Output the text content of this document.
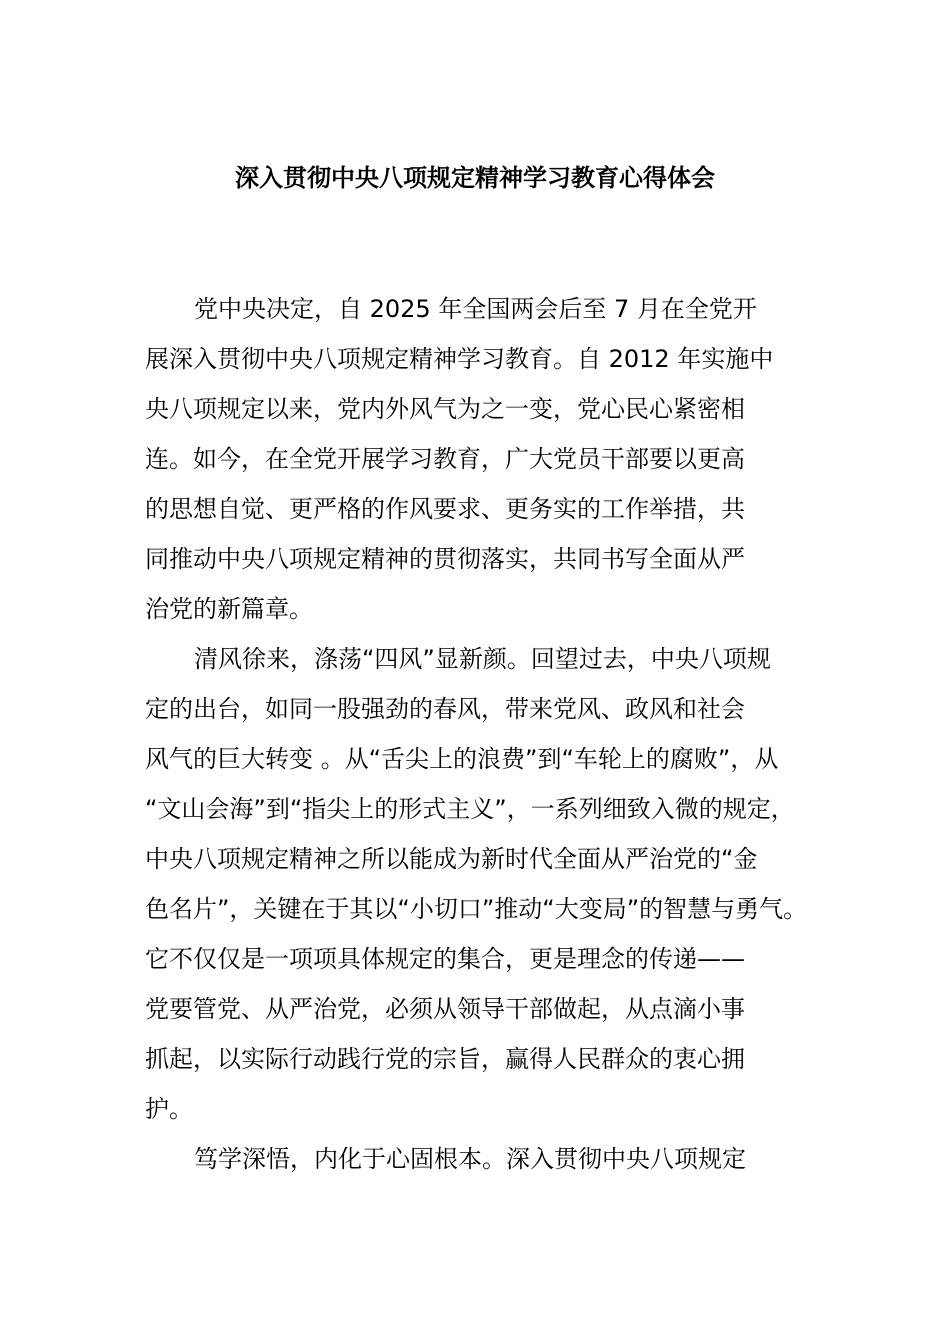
深入贯彻中央八项规定精神学习教育心得体会
党中央决定，自 2025 年全国两会后至 7 月在全党开
展深入贯彻中央八项规定精神学习教育。自 2012 年实施中
央八项规定以来，党内外风气为之一变，党心民心紧密相
连。如今，在全党开展学习教育，广大党员干部要以更高
的思想自觉、更严格的作风要求、更务实的工作举措，共
同推动中央八项规定精神的贯彻落实，共同书写全面从严
治党的新篇章。
清风徐来，涤荡“四风”显新颜。回望过去，中央八项规
定的出台，如同一股强劲的春风，带来党风、政风和社会
风气的巨大转变 。从“舌尖上的浪费”到“车轮上的腐败”，从
“文山会海”到“指尖上的形式主义”，一系列细致入微的规定，
中央八项规定精神之所以能成为新时代全面从严治党的“金
色名片”，关键在于其以“小切口”推动“大变局”的智慧与勇气。
它不仅仅是一项项具体规定的集合，更是理念的传递——
党要管党、从严治党，必须从领导干部做起，从点滴小事
抓起，以实际行动践行党的宗旨，赢得人民群众的衷心拥
护。
笃学深悟，内化于心固根本。深入贯彻中央八项规定
